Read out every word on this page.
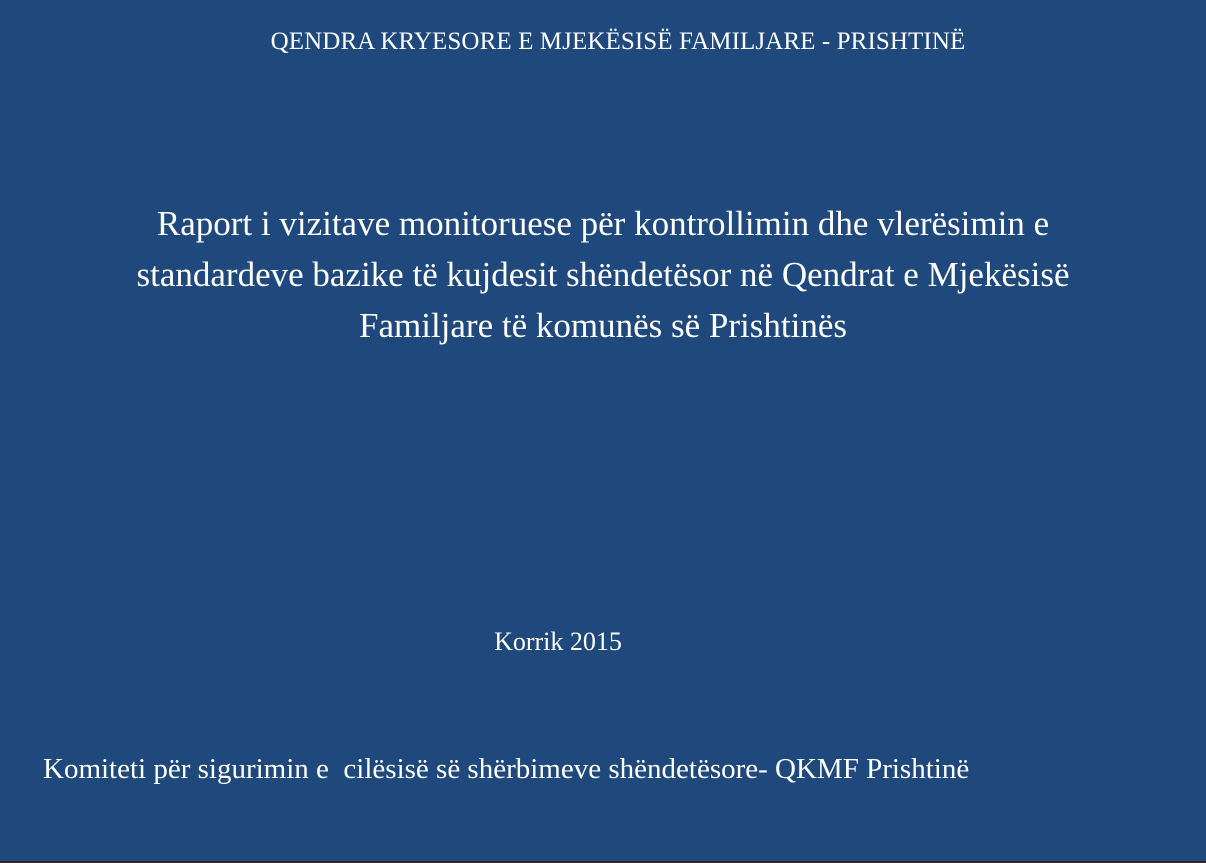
QENDRA KRYESORE E MJEKËSISË FAMILJARE - PRISHTINË
Raport i vizitave monitoruese për kontrollimin dhe vlerësimin e
standardeve bazike të kujdesit shëndetësor në Qendrat e Mjekësisë
Familjare të komunës së Prishtinës
Korrik 2015
Komiteti për sigurimin e  cilësisë së shërbimeve shëndetësore- QKMF Prishtinë
